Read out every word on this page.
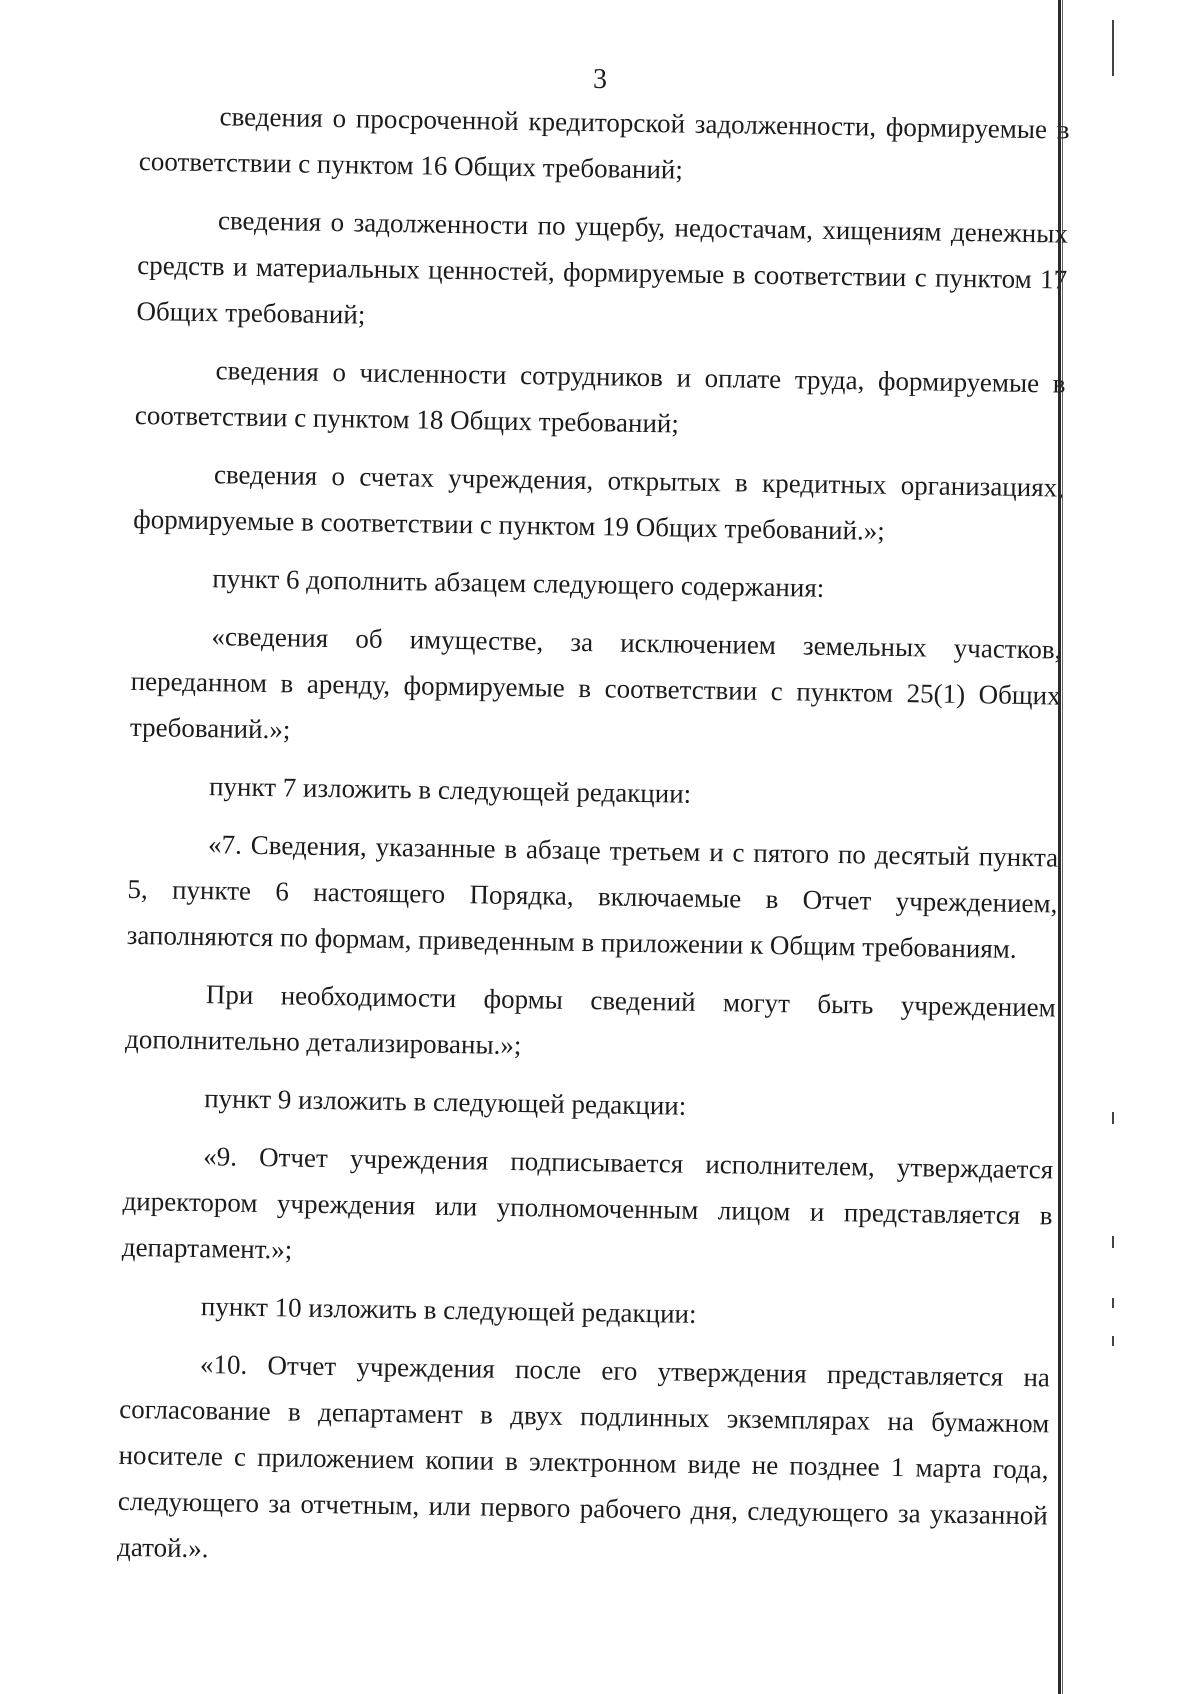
3

сведения о просроченной кредиторской задолженности, формируемые в соответствии с пунктом 16 Общих требований;

сведения о задолженности по ущербу, недостачам, хищениям денежных средств и материальных ценностей, формируемые в соответствии с пунктом 17 Общих требований;

сведения о численности сотрудников и оплате труда, формируемые в соответствии с пунктом 18 Общих требований;

сведения о счетах учреждения, открытых в кредитных организациях, формируемые в соответствии с пунктом 19 Общих требований.»;

пункт 6 дополнить абзацем следующего содержания:

«сведения об имуществе, за исключением земельных участков, переданном в аренду, формируемые в соответствии с пунктом 25(1) Общих требований.»;

пункт 7 изложить в следующей редакции:

«7. Сведения, указанные в абзаце третьем и с пятого по десятый пункта 5, пункте 6 настоящего Порядка, включаемые в Отчет учреждением, заполняются по формам, приведенным в приложении к Общим требованиям.

При необходимости формы сведений могут быть учреждением дополнительно детализированы.»;

пункт 9 изложить в следующей редакции:

«9. Отчет учреждения подписывается исполнителем, утверждается директором учреждения или уполномоченным лицом и представляется в департамент.»;

пункт 10 изложить в следующей редакции:

«10. Отчет учреждения после его утверждения представляется на согласование в департамент в двух подлинных экземплярах на бумажном носителе с приложением копии в электронном виде не позднее 1 марта года, следующего за отчетным, или первого рабочего дня, следующего за указанной датой.».
